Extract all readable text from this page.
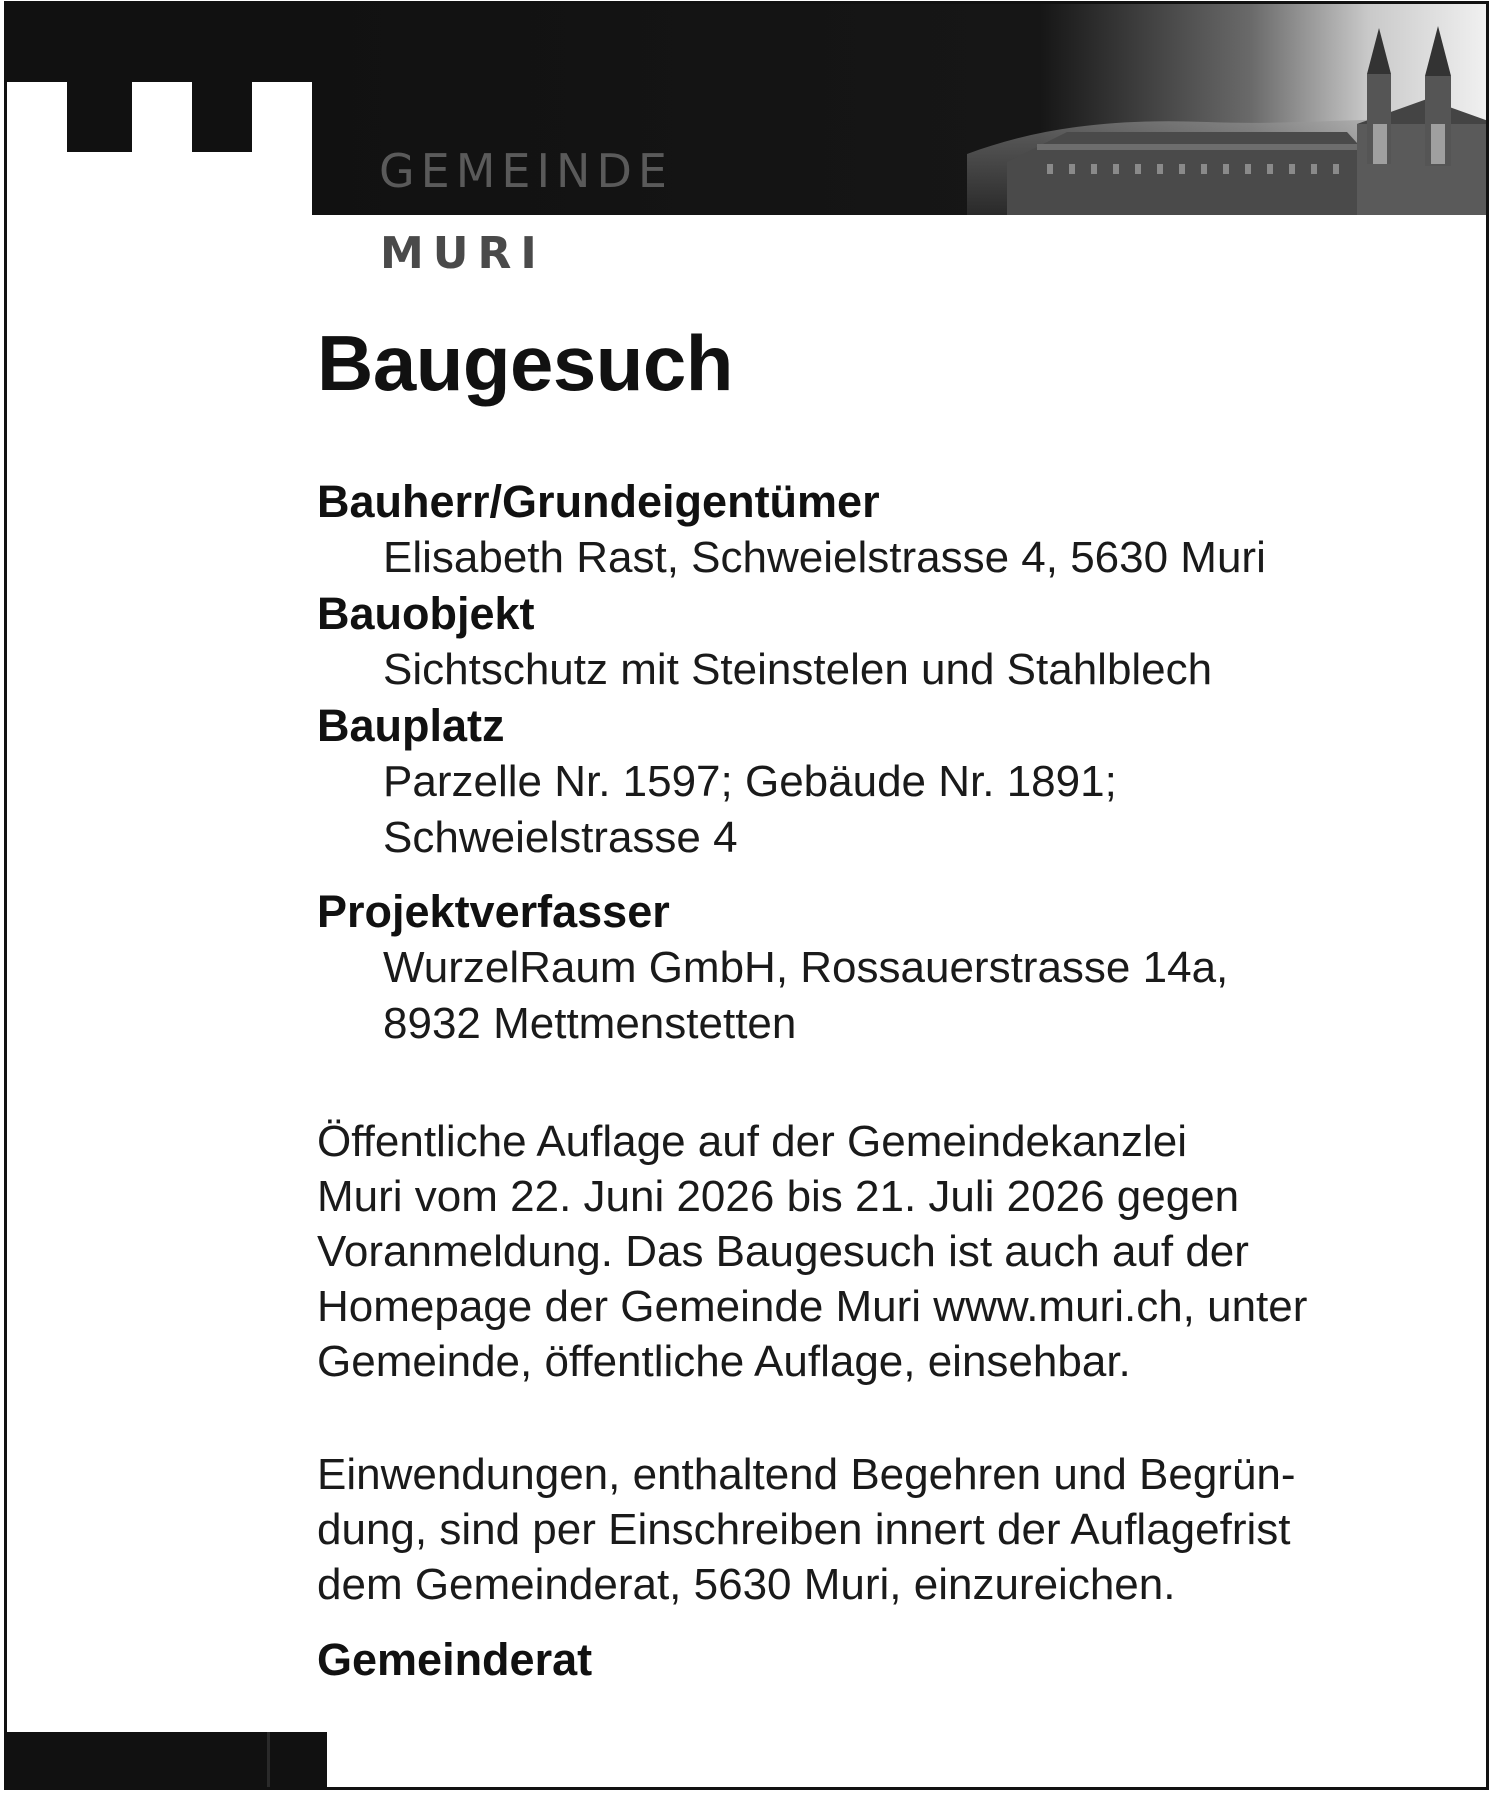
GEMEINDE
MURI
Baugesuch
Bauherr/Grundeigentümer
Elisabeth Rast, Schweielstrasse 4, 5630 Muri
Bauobjekt
Sichtschutz mit Steinstelen und Stahlblech
Bauplatz
Parzelle Nr. 1597; Gebäude Nr. 1891;
Schweielstrasse 4
Projektverfasser
WurzelRaum GmbH, Rossauerstrasse 14a,
8932 Mettmenstetten
Öffentliche Auflage auf der Gemeindekanzlei
Muri vom 22. Juni 2026 bis 21. Juli 2026 gegen
Voranmeldung. Das Baugesuch ist auch auf der
Homepage der Gemeinde Muri www.muri.ch, unter
Gemeinde, öffentliche Auflage, einsehbar.
Einwendungen, enthaltend Begehren und Begrün-
dung, sind per Einschreiben innert der Auflagefrist
dem Gemeinderat, 5630 Muri, einzureichen.
Gemeinderat
